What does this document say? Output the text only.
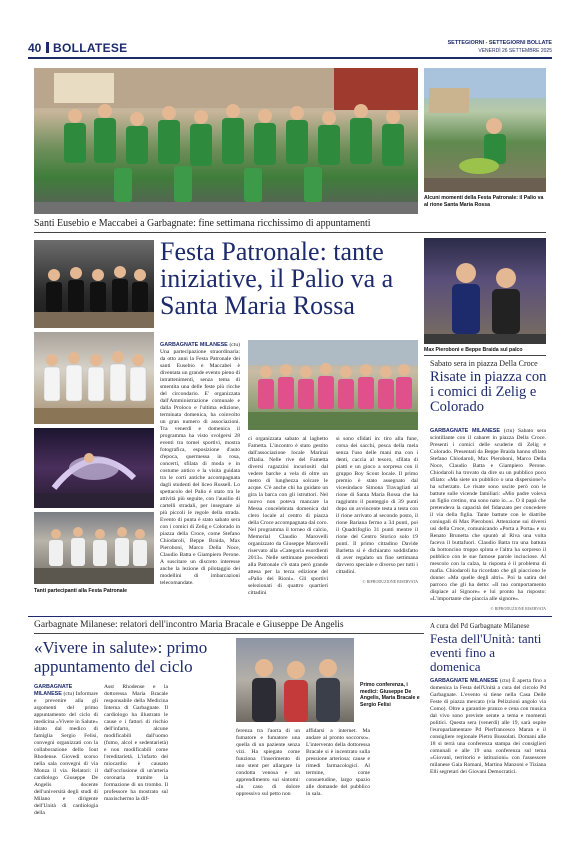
40 BOLLATESE	SETTEGIORNI - SETTEGIORNI BOLLATE
VENERDÌ 26 SETTEMBRE 2025
Alcuni momenti della Festa Patronale: il Palio va al rione Santa Maria Rossa
Santi Eusebio e Maccabei a Garbagnate: fine settimana ricchissimo di appuntamenti
Tanti partecipanti alla Festa Patronale
Festa Patronale: tante iniziative, il Palio va a Santa Maria Rossa
GARBAGNATE MILANESE (ctu) Una partecipazione straordinaria: da otto anni la Festa Patronale dei santi Eusebio e Maccabei è diventata un grande evento pieno di intrattenimenti, senza tema di smentita una delle feste più ricche del circondario. E' organizzata dall'Amministrazione comunale e dalla Proloco e l'ultima edizione, terminata domenica, ha coinvolto un gran numero di associazioni. Tra venerdì e domenica il programma ha visto svolgersi 28 eventi tra tornei sportivi, mostra fotografica, esposizione d'auto d'epoca, quermessa in rosa, concerti, sfilata di moda e in costume antico e la visita guidata tra le corti antiche accompagnata dagli studenti del liceo Russell. Lo spettacolo del Palio è stato tra le attività più seguite, con l'ausilio di cartelli stradali, per insegnare ai più piccoli le regole della strada. Evento di punta è stato sabato sera con i comici di Zelig e Colorado in piazza della Croce, come Stefano Chiodaroli, Beppe Braida, Max Pieroboni, Marco Della Noce, Claudio Batta e Giampiero Perone. A suscitare un discreto interesse anche la lezione di pilotaggio dei modellini di imbarcazioni telecomandate.
ci organizzata sabato al laghetto Fametta. L'incontro è stato gestito dall'associazione locale Marinai d'Italia. Nelle rive del Fametta diversi ragazzini incuriositi dal vedere barche a vela di oltre un metro di lunghezza solcare le acque. C'è anche chi ha guidato un gira la barca con gli istruttori. Nel nuovo non poteva mancare la Messa concelebrata domenica dal clero locale al centro di piazza della Croce accompagnata dal coro. Nel programma il torneo di calcio, Memorial Claudio Marovelli organizzato da Giuseppe Marovelli riservato alla «Categoria esordienti 2013». Nelle settimane precedenti alla Patronale c'è stata però grande attesa per la terza edizione del «Palio dei Rioni». Gli sportivi selezionati di quattro quartieri cittadini
si sono sfidati in: tiro alla fune, corsa dei sacchi, pesca della mela senza l'uso delle mani ma con i denti, caccia al tesoro, sfilata di piatti e un gioco a sorpresa con il gruppo Boy Scout locale. Il primo premio è stato assegnato dal vicesindaco Simona Travagliati al rione di Santa Maria Rossa che ha raggiunto il punteggio di 39 punti dopo un avvincente testa a testa con il rione arrivato al secondo posto, il rione Bariana fermo a 34 punti, poi il Quadrifoglio 31 punti mentre il rione del Centro Storico solo 19 punti. Il primo cittadino Davide Barletta si è dichiarato soddisfatto di aver regalato un fine settimana davvero speciale e diverso per tutti i cittadini.
© RIPRODUZIONE RISERVATA
Max Pieroboni e Beppe Braida sul palco
Sabato sera in piazza Della Croce
Risate in piazza con i comici di Zelig e Colorado
GARBAGNATE MILANESE (ctu) Sabato sera scintillante con il cabaret in piazza Della Croce. Presenti i comici delle scuderie di Zelig e Colorado. Presentati da Beppe Braida hanno sfilato Stefano Chiodaroli, Max Pieroboni, Marco Della Noce, Claudio Batta e Giampiero Perone. Chiodaroli ha trovato da dire su un pubblico poco sfilato: «Ma siete un pubblico o una dispersione?» ha scherzato. Le risate sono uscite però con le battute sulle vicende familiari: «Mio padre voleva un figlio cretino, ma sono nato io...». O il papà che pretendeva la capacità del fidanzato per concedere il via della figlia. Tante battute con le diatribe coniugali di Max Pieroboni. Attenzione sui diversi usi della Croce, comunicando «Porta a Porta» e su Renato Brunetta che spuntò al Riva una volta faceva il buttafuori. Claudio Batta tra una battuta da bottoncino troppo spinta e l'altra ha sorpreso il pubblico con le sue famose parole inciuciose. Al mescolo con la calza, la risposta è il problema di mafia. Chiodaroli ha ricordato che gli piacciono le donne: «Ma quelle degli altri». Poi la satira del parroco che gli ha detto: «Il tuo comportamento dispiace al Signore» e lui pronto ha risposto: «L'importante che piaccia alle signore».
© RIPRODUZIONE RISERVATA
Garbagnate Milanese: relatori dell'incontro Maria Bracale e Giuseppe De Angelis
«Vivere in salute»: primo appuntamento del ciclo
GARBAGNATE MILANESE (ctu) Informare e prevenire alla gli argomenti del primo appuntamento del ciclo di medicina «Vivere in Salute» idrato dal medico di famiglia Sergio Felisi, convegni organizzati con la collaborazione dello Iout Rhodense. Giovedì scorso nella sala convegni di via Monza il via. Relatori: il cardiologo Giuseppe De Angelis docente dell'università degli studi di Milano e dirigente dell'Unità di cardiologia della
Asst Rhodense e la dottoressa Maria Bracale responsabile della Medicina Interna di Garbagnate. Il cardiologo ha illustrato le cause e i fattori di rischio dell'infarto, alcune modificabili dall'uomo (fumo, alcol e sedentarietà) e non modificabili come l'ereditarietà. L'infarto del miocardio è causato dall'occlusione di un'arteria coronaria tramite la formazione di un trombo. Il professore ha mostrato sul maxischermo la dif-
Primo conferenza, i medici: Giuseppe De Angelis, Maria Bracale e Sergio Felisi
ferenza tra l'aorta di un fumatore e fumatore una quella di un paziente senza vizi. Ha spiegato come funziona l'inserimento di uno stent per allargare la condotta venosa e un apprendimento sui sintomi: «In caso di dolore oppressivo sul petto non
affidarsi a internet. Ma andare al pronto soccorso». L'intervento della dottoressa Bracale si è incentrato sulla pressione arteriosa: cause e rimedi farmacologici. Al termine, come consuetudine, largo spazio alle domande del pubblico in sala.
A cura del Pd Garbagnate Milanese
Festa dell'Unità: tanti eventi fino a domenica
GARBAGNATE MILANESE (ctu) È aperta fino a domenica la Festa dell'Unità a cura del circolo Pd Garbagnate. L'evento si tiene nella Casa Delle Feste di piazza mercato (via Pelizzioni angolo via Como). Oltre a garantire pranzo e cena con musica dal vivo sono previste serate a tema e momenti politici. Questa sera (venerdì) alle 19, sarà ospite l'europarlamentare Pd Pierfrancesco Maran e il consigliere regionale Pietro Bussolati. Domani alle 18 si terrà una conferenza stampa dei consiglieri comunali e alle 19 una conferenza sul tema «Giovani, territorio e istituzioni» con l'assessore milanese Gaia Romani, Martina Manzoni e Tiziana Elli segretari dei Giovani Democratici.
